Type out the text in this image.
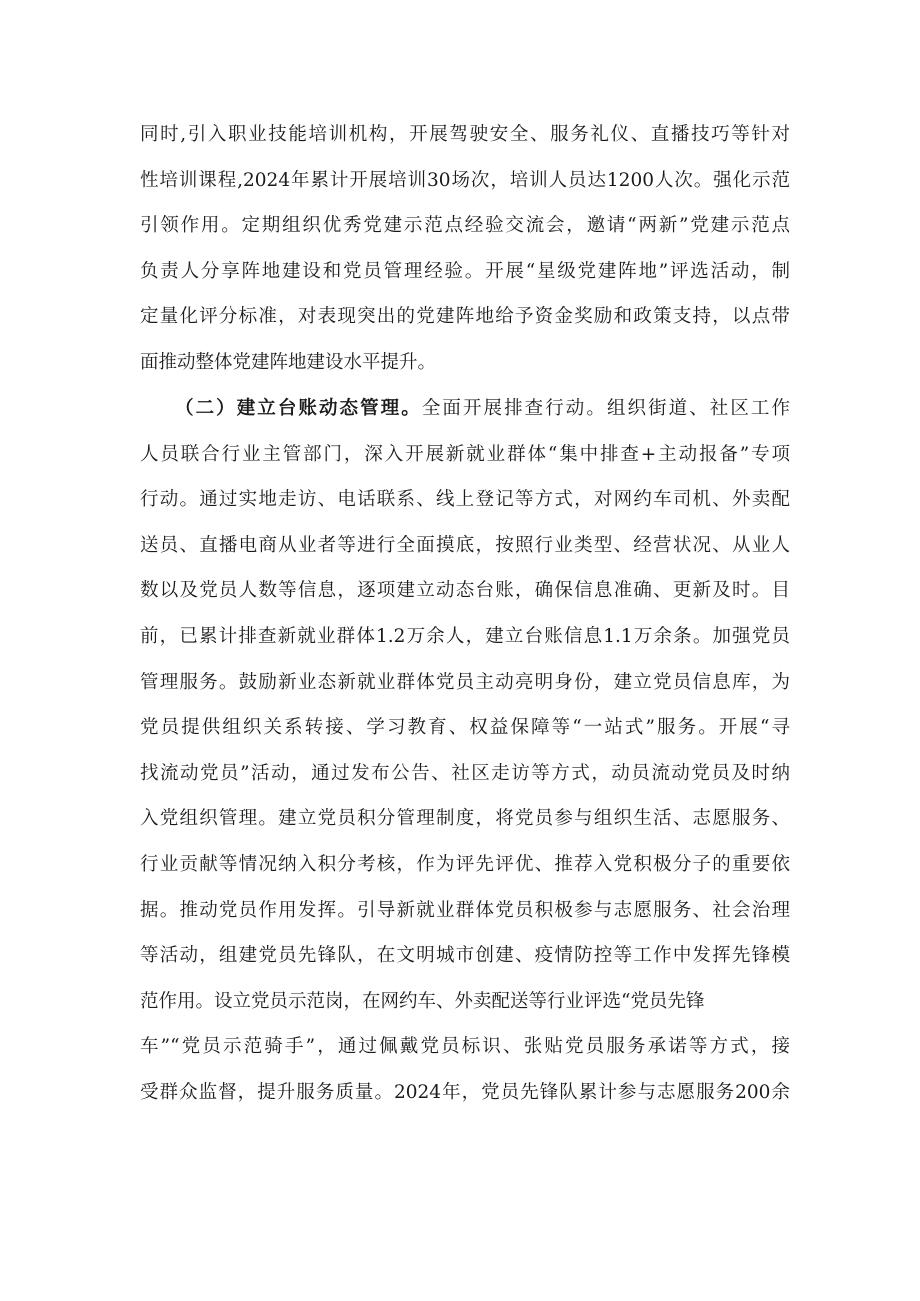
同时,引入职业技能培训机构，开展驾驶安全、服务礼仪、直播技巧等针对
性培训课程,2024年累计开展培训30场次，培训人员达1200人次。强化示范
引领作用。定期组织优秀党建示范点经验交流会，邀请“两新”党建示范点
负责人分享阵地建设和党员管理经验。开展“星级党建阵地”评选活动，制
定量化评分标准，对表现突出的党建阵地给予资金奖励和政策支持，以点带
面推动整体党建阵地建设水平提升。
（二）建立台账动态管理。全面开展排查行动。组织街道、社区工作
人员联合行业主管部门，深入开展新就业群体“集中排查+主动报备”专项
行动。通过实地走访、电话联系、线上登记等方式，对网约车司机、外卖配
送员、直播电商从业者等进行全面摸底，按照行业类型、经营状况、从业人
数以及党员人数等信息，逐项建立动态台账，确保信息准确、更新及时。目
前，已累计排查新就业群体1.2万余人，建立台账信息1.1万余条。加强党员
管理服务。鼓励新业态新就业群体党员主动亮明身份，建立党员信息库，为
党员提供组织关系转接、学习教育、权益保障等“一站式”服务。开展“寻
找流动党员”活动，通过发布公告、社区走访等方式，动员流动党员及时纳
入党组织管理。建立党员积分管理制度，将党员参与组织生活、志愿服务、
行业贡献等情况纳入积分考核，作为评先评优、推荐入党积极分子的重要依
据。推动党员作用发挥。引导新就业群体党员积极参与志愿服务、社会治理
等活动，组建党员先锋队，在文明城市创建、疫情防控等工作中发挥先锋模
范作用。设立党员示范岗，在网约车、外卖配送等行业评选“党员先锋
车”“党员示范骑手”，通过佩戴党员标识、张贴党员服务承诺等方式，接
受群众监督，提升服务质量。2024年，党员先锋队累计参与志愿服务200余
